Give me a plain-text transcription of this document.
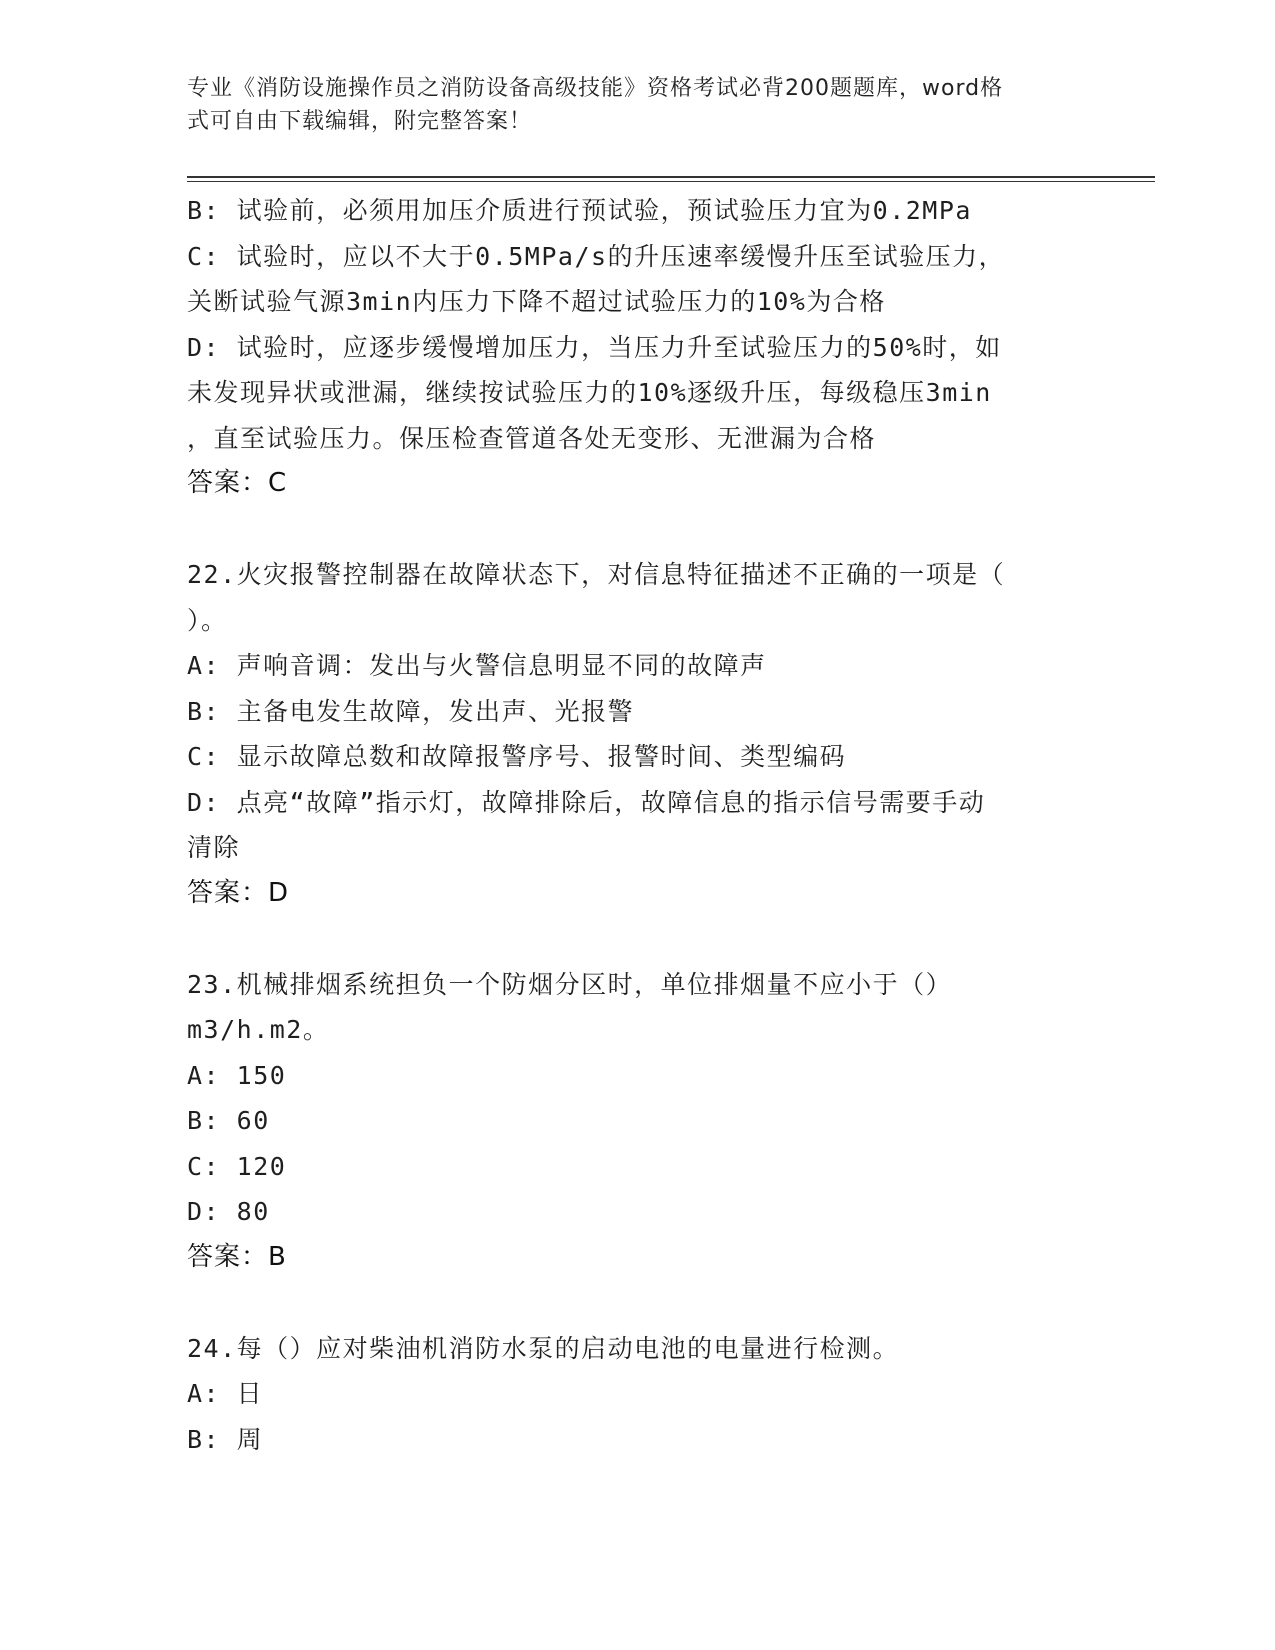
专业《消防设施操作员之消防设备高级技能》资格考试必背200题题库，word格
式可自由下载编辑，附完整答案！
B: 试验前，必须用加压介质进行预试验，预试验压力宜为0.2MPa
C: 试验时，应以不大于0.5MPa/s的升压速率缓慢升压至试验压力，
关断试验气源3min内压力下降不超过试验压力的10%为合格
D: 试验时，应逐步缓慢增加压力，当压力升至试验压力的50%时，如
未发现异状或泄漏，继续按试验压力的10%逐级升压，每级稳压3min
，直至试验压力。保压检查管道各处无变形、无泄漏为合格
答案：C
22.火灾报警控制器在故障状态下，对信息特征描述不正确的一项是（
）。
A: 声响音调：发出与火警信息明显不同的故障声
B: 主备电发生故障，发出声、光报警
C: 显示故障总数和故障报警序号、报警时间、类型编码
D: 点亮“故障”指示灯，故障排除后，故障信息的指示信号需要手动
清除
答案：D
23.机械排烟系统担负一个防烟分区时，单位排烟量不应小于（）
m3/h.m2。
A: 150
B: 60
C: 120
D: 80
答案：B
24.每（）应对柴油机消防水泵的启动电池的电量进行检测。
A: 日
B: 周
